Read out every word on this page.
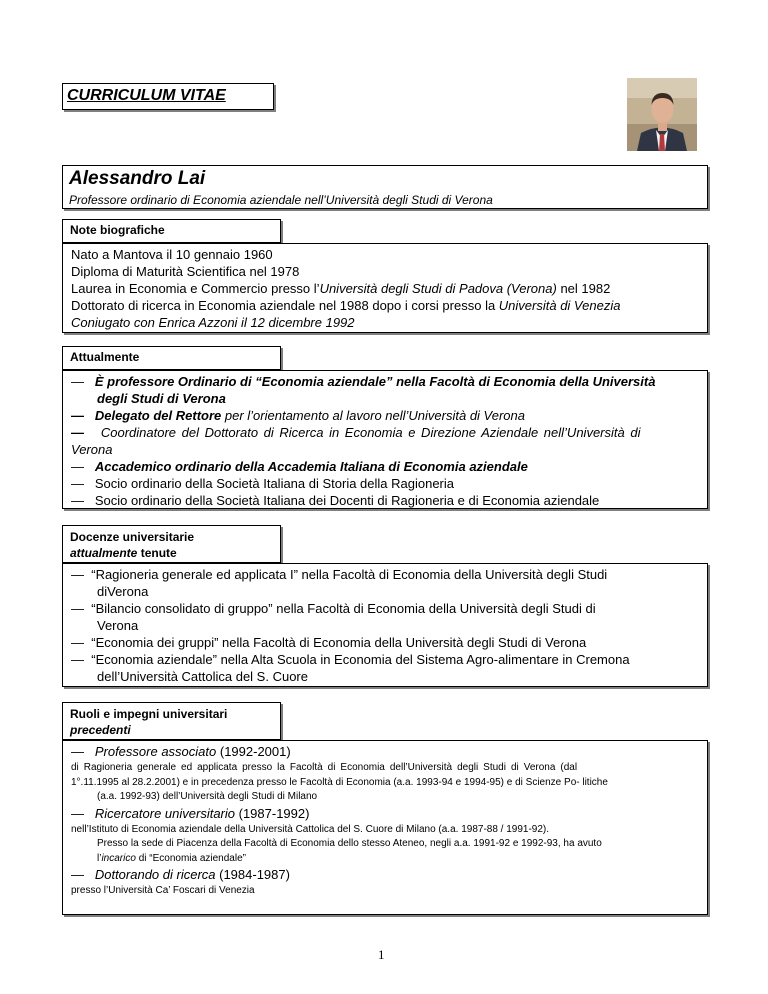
CURRICULUM VITAE
Alessandro Lai
Professore ordinario di Economia aziendale nell’Università degli Studi di Verona
Note biografiche
Nato a Mantova il 10 gennaio 1960
Diploma di Maturità Scientifica nel 1978
Laurea in Economia e Commercio presso l’Università degli Studi di Padova (Verona) nel 1982
Dottorato di ricerca in Economia aziendale nel 1988 dopo i corsi presso la Università di Venezia
Coniugato con Enrica Azzoni il 12 dicembre 1992
Attualmente
— È professore Ordinario di “Economia aziendale” nella Facoltà di Economia della Università
degli Studi di Verona
— Delegato del Rettore per l’orientamento al lavoro nell’Università di Verona
— Coordinatore del Dottorato di Ricerca in Economia e Direzione Aziendale nell’Università di
Verona
— Accademico ordinario della Accademia Italiana di Economia aziendale
— Socio ordinario della Società Italiana di Storia della Ragioneria
— Socio ordinario della Società Italiana dei Docenti di Ragioneria e di Economia aziendale
Docenze universitarie
attualmente tenute
— “Ragioneria generale ed applicata I” nella Facoltà di Economia della Università degli Studi
diVerona
— “Bilancio consolidato di gruppo” nella Facoltà di Economia della Università degli Studi di
Verona
— “Economia dei gruppi” nella Facoltà di Economia della Università degli Studi di Verona
— “Economia aziendale” nella Alta Scuola in Economia del Sistema Agro-alimentare in Cremona
dell’Università Cattolica del S. Cuore
Ruoli e impegni universitari
precedenti
— Professore associato (1992-2001)
di Ragioneria generale ed applicata presso la Facoltà di Economia dell’Università degli Studi di Verona (dal
1°.11.1995 al 28.2.2001) e in precedenza presso le Facoltà di Economia (a.a. 1993-94 e 1994-95) e di Scienze Po- litiche
(a.a. 1992-93) dell’Università degli Studi di Milano
— Ricercatore universitario (1987-1992)
nell’Istituto di Economia aziendale della Università Cattolica del S. Cuore di Milano (a.a. 1987-88 / 1991-92).
Presso la sede di Piacenza della Facoltà di Economia dello stesso Ateneo, negli a.a. 1991-92 e 1992-93, ha avuto
l’incarico di “Economia aziendale”
— Dottorando di ricerca (1984-1987)
presso l’Università Ca’ Foscari di Venezia
1
